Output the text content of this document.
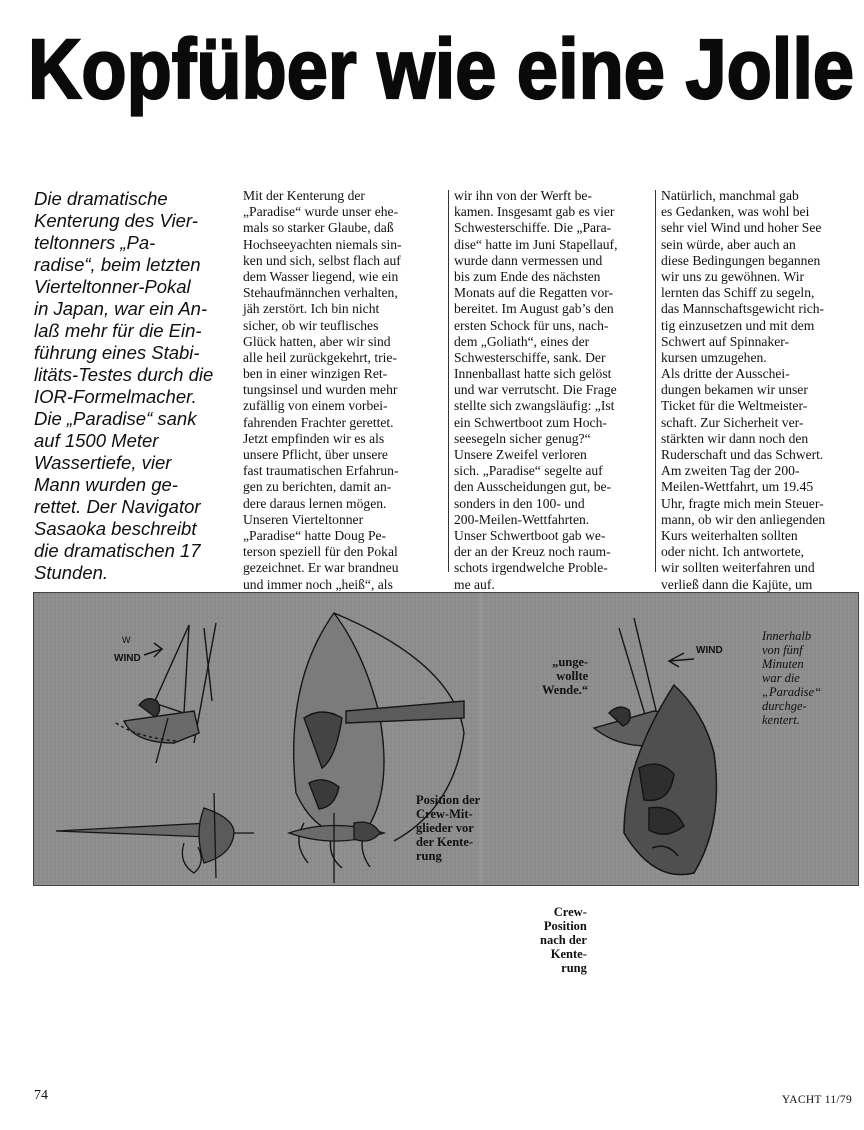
Kopfüber wie eine Jolle
Die dramatische
Kenterung des Vier-
teltonners „Pa-
radise“, beim letzten
Vierteltonner-Pokal
in Japan, war ein An-
laß mehr für die Ein-
führung eines Stabi-
litäts-Testes durch die
IOR-Formelmacher.
Die „Paradise“ sank
auf 1500 Meter
Wassertiefe, vier
Mann wurden ge-
rettet. Der Navigator
Sasaoka beschreibt
die dramatischen 17
Stunden.
Mit der Kenterung der
„Paradise“ wurde unser ehe-
mals so starker Glaube, daß
Hochseeyachten niemals sin-
ken und sich, selbst flach auf
dem Wasser liegend, wie ein
Stehaufmännchen verhalten,
jäh zerstört. Ich bin nicht
sicher, ob wir teuflisches
Glück hatten, aber wir sind
alle heil zurückgekehrt, trie-
ben in einer winzigen Ret-
tungsinsel und wurden mehr
zufällig von einem vorbei-
fahrenden Frachter gerettet.
Jetzt empfinden wir es als
unsere Pflicht, über unsere
fast traumatischen Erfahrun-
gen zu berichten, damit an-
dere daraus lernen mögen.
Unseren Vierteltonner
„Paradise“ hatte Doug Pe-
terson speziell für den Pokal
gezeichnet. Er war brandneu
und immer noch „heiß“, als
wir ihn von der Werft be-
kamen. Insgesamt gab es vier
Schwesterschiffe. Die „Para-
dise“ hatte im Juni Stapellauf,
wurde dann vermessen und
bis zum Ende des nächsten
Monats auf die Regatten vor-
bereitet. Im August gab’s den
ersten Schock für uns, nach-
dem „Goliath“, eines der
Schwesterschiffe, sank. Der
Innenballast hatte sich gelöst
und war verrutscht. Die Frage
stellte sich zwangsläufig: „Ist
ein Schwertboot zum Hoch-
seesegeln sicher genug?“
Unsere Zweifel verloren
sich. „Paradise“ segelte auf
den Ausscheidungen gut, be-
sonders in den 100- und
200-Meilen-Wettfahrten.
Unser Schwertboot gab we-
der an der Kreuz noch raum-
schots irgendwelche Proble-
me auf.
Natürlich, manchmal gab
es Gedanken, was wohl bei
sehr viel Wind und hoher See
sein würde, aber auch an
diese Bedingungen begannen
wir uns zu gewöhnen. Wir
lernten das Schiff zu segeln,
das Mannschaftsgewicht rich-
tig einzusetzen und mit dem
Schwert auf Spinnaker-
kursen umzugehen.
Als dritte der Ausschei-
dungen bekamen wir unser
Ticket für die Weltmeister-
schaft. Zur Sicherheit ver-
stärkten wir dann noch den
Ruderschaft und das Schwert.
Am zweiten Tag der 200-
Meilen-Wettfahrt, um 19.45
Uhr, fragte mich mein Steuer-
mann, ob wir den anliegenden
Kurs weiterhalten sollten
oder nicht. Ich antwortete,
wir sollten weiterfahren und
verließ dann die Kajüte, um
WIND
W
WIND
„unge-
wollte
Wende.“
Innerhalb
von fünf
Minuten
war die
„Paradise“
durchge-
kentert.
Position der
Crew-Mit-
glieder vor
der Kente-
rung
Crew-
Position
nach der
Kente-
rung
74	YACHT 11/79
